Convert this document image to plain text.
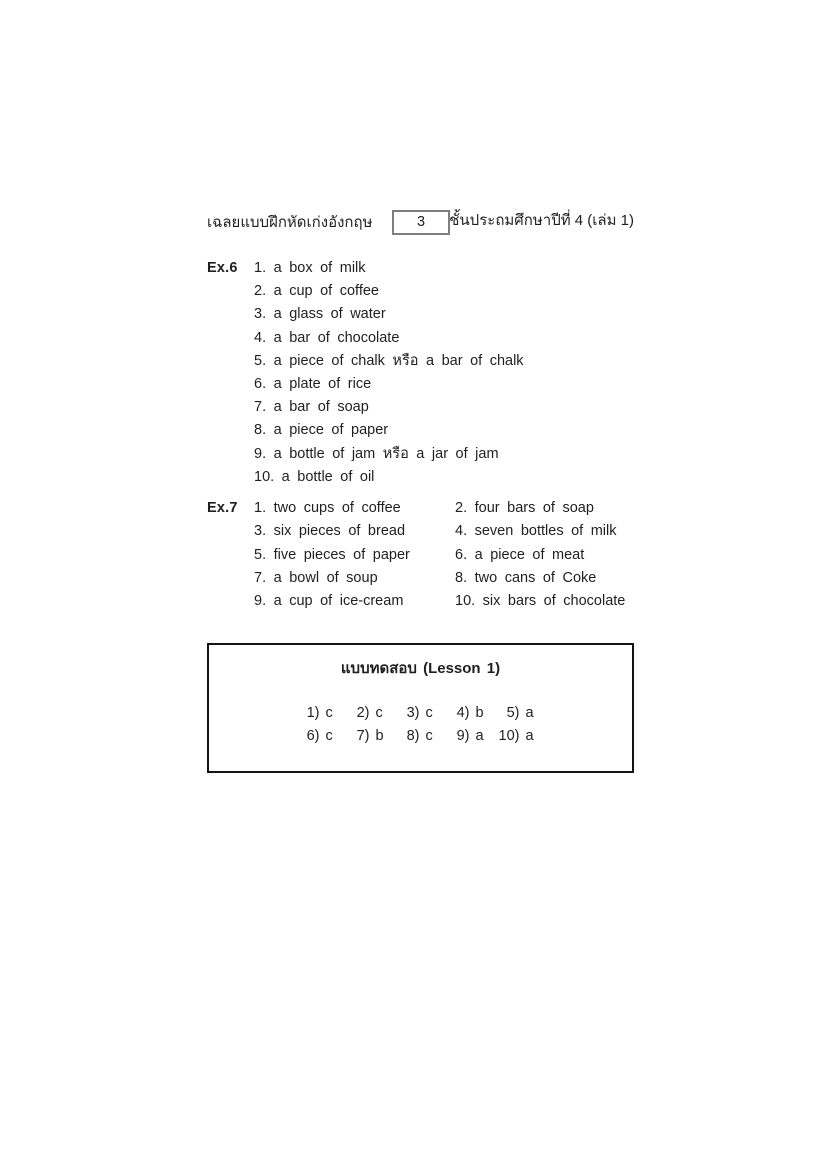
เฉลยแบบฝึกหัดเก่งอังกฤษ	3	ชั้นประถมศึกษาปีที่ 4 (เล่ม 1)
Ex.6 1. a box of milk
2. a cup of coffee
3. a glass of water
4. a bar of chocolate
5. a piece of chalk หรือ a bar of chalk
6. a plate of rice
7. a bar of soap
8. a piece of paper
9. a bottle of jam หรือ a jar of jam
10. a bottle of oil
Ex.7 1. two cups of coffee	2. four bars of soap
3. six pieces of bread	4. seven bottles of milk
5. five pieces of paper	6. a piece of meat
7. a bowl of soup	8. two cans of Coke
9. a cup of ice-cream	10. six bars of chocolate
แบบทดสอบ (Lesson 1)
1) c	2) c	3) c	4) b	5) a
6) c	7) b	8) c	9) a 10) a
